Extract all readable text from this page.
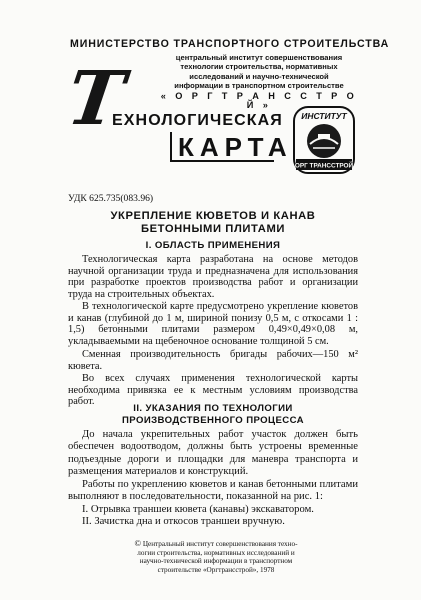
МИНИСТЕРСТВО ТРАНСПОРТНОГО СТРОИТЕЛЬСТВА
центральный институт совершенствования
технологии строительства, нормативных
исследований и научно-технической
информации в транспортном строительстве
« О Р Г Т Р А Н С С Т Р О Й »
Т
ЕХНОЛОГИЧЕСКАЯ
КАРТА
ИНСТИТУТ
ОРГ ТРАНССТРОЙ
УДК 625.735(083.96)
УКРЕПЛЕНИЕ КЮВЕТОВ И КАНАВ
БЕТОННЫМИ ПЛИТАМИ
I. ОБЛАСТЬ ПРИМЕНЕНИЯ

Технологическая карта разработана на основе методов научной организации труда и предназначена для использования при разработке проектов производства работ и организации труда на строительных объектах.

В технологической карте предусмотрено укрепление кюветов и канав (глубиной до 1 м, шириной понизу 0,5 м, с откосами 1 : 1,5) бетонными плитами размером 0,49×0,49×0,08 м, укладываемыми на щебеночное основание толщиной 5 см.

Сменная производительность бригады рабочих—150 м² кювета.

Во всех случаях применения технологической карты необходима привязка ее к местным условиям производства работ.

II. УКАЗАНИЯ ПО ТЕХНОЛОГИИ
ПРОИЗВОДСТВЕННОГО ПРОЦЕССА

До начала укрепительных работ участок должен быть обеспечен водоотводом, должны быть устроены временные подъездные дороги и площадки для маневра транспорта и размещения материалов и конструкций.

Работы по укреплению кюветов и канав бетонными плитами выполняют в последовательности, показанной на рис. 1:

I. Отрывка траншеи кювета (канавы) экскаватором.

II. Зачистка дна и откосов траншеи вручную.

© Центральный институт совершенствования техно-
логии строительства, нормативных исследований и
научно-технической информации в транспортном
строительстве «Оргтрансстрой», 1978
